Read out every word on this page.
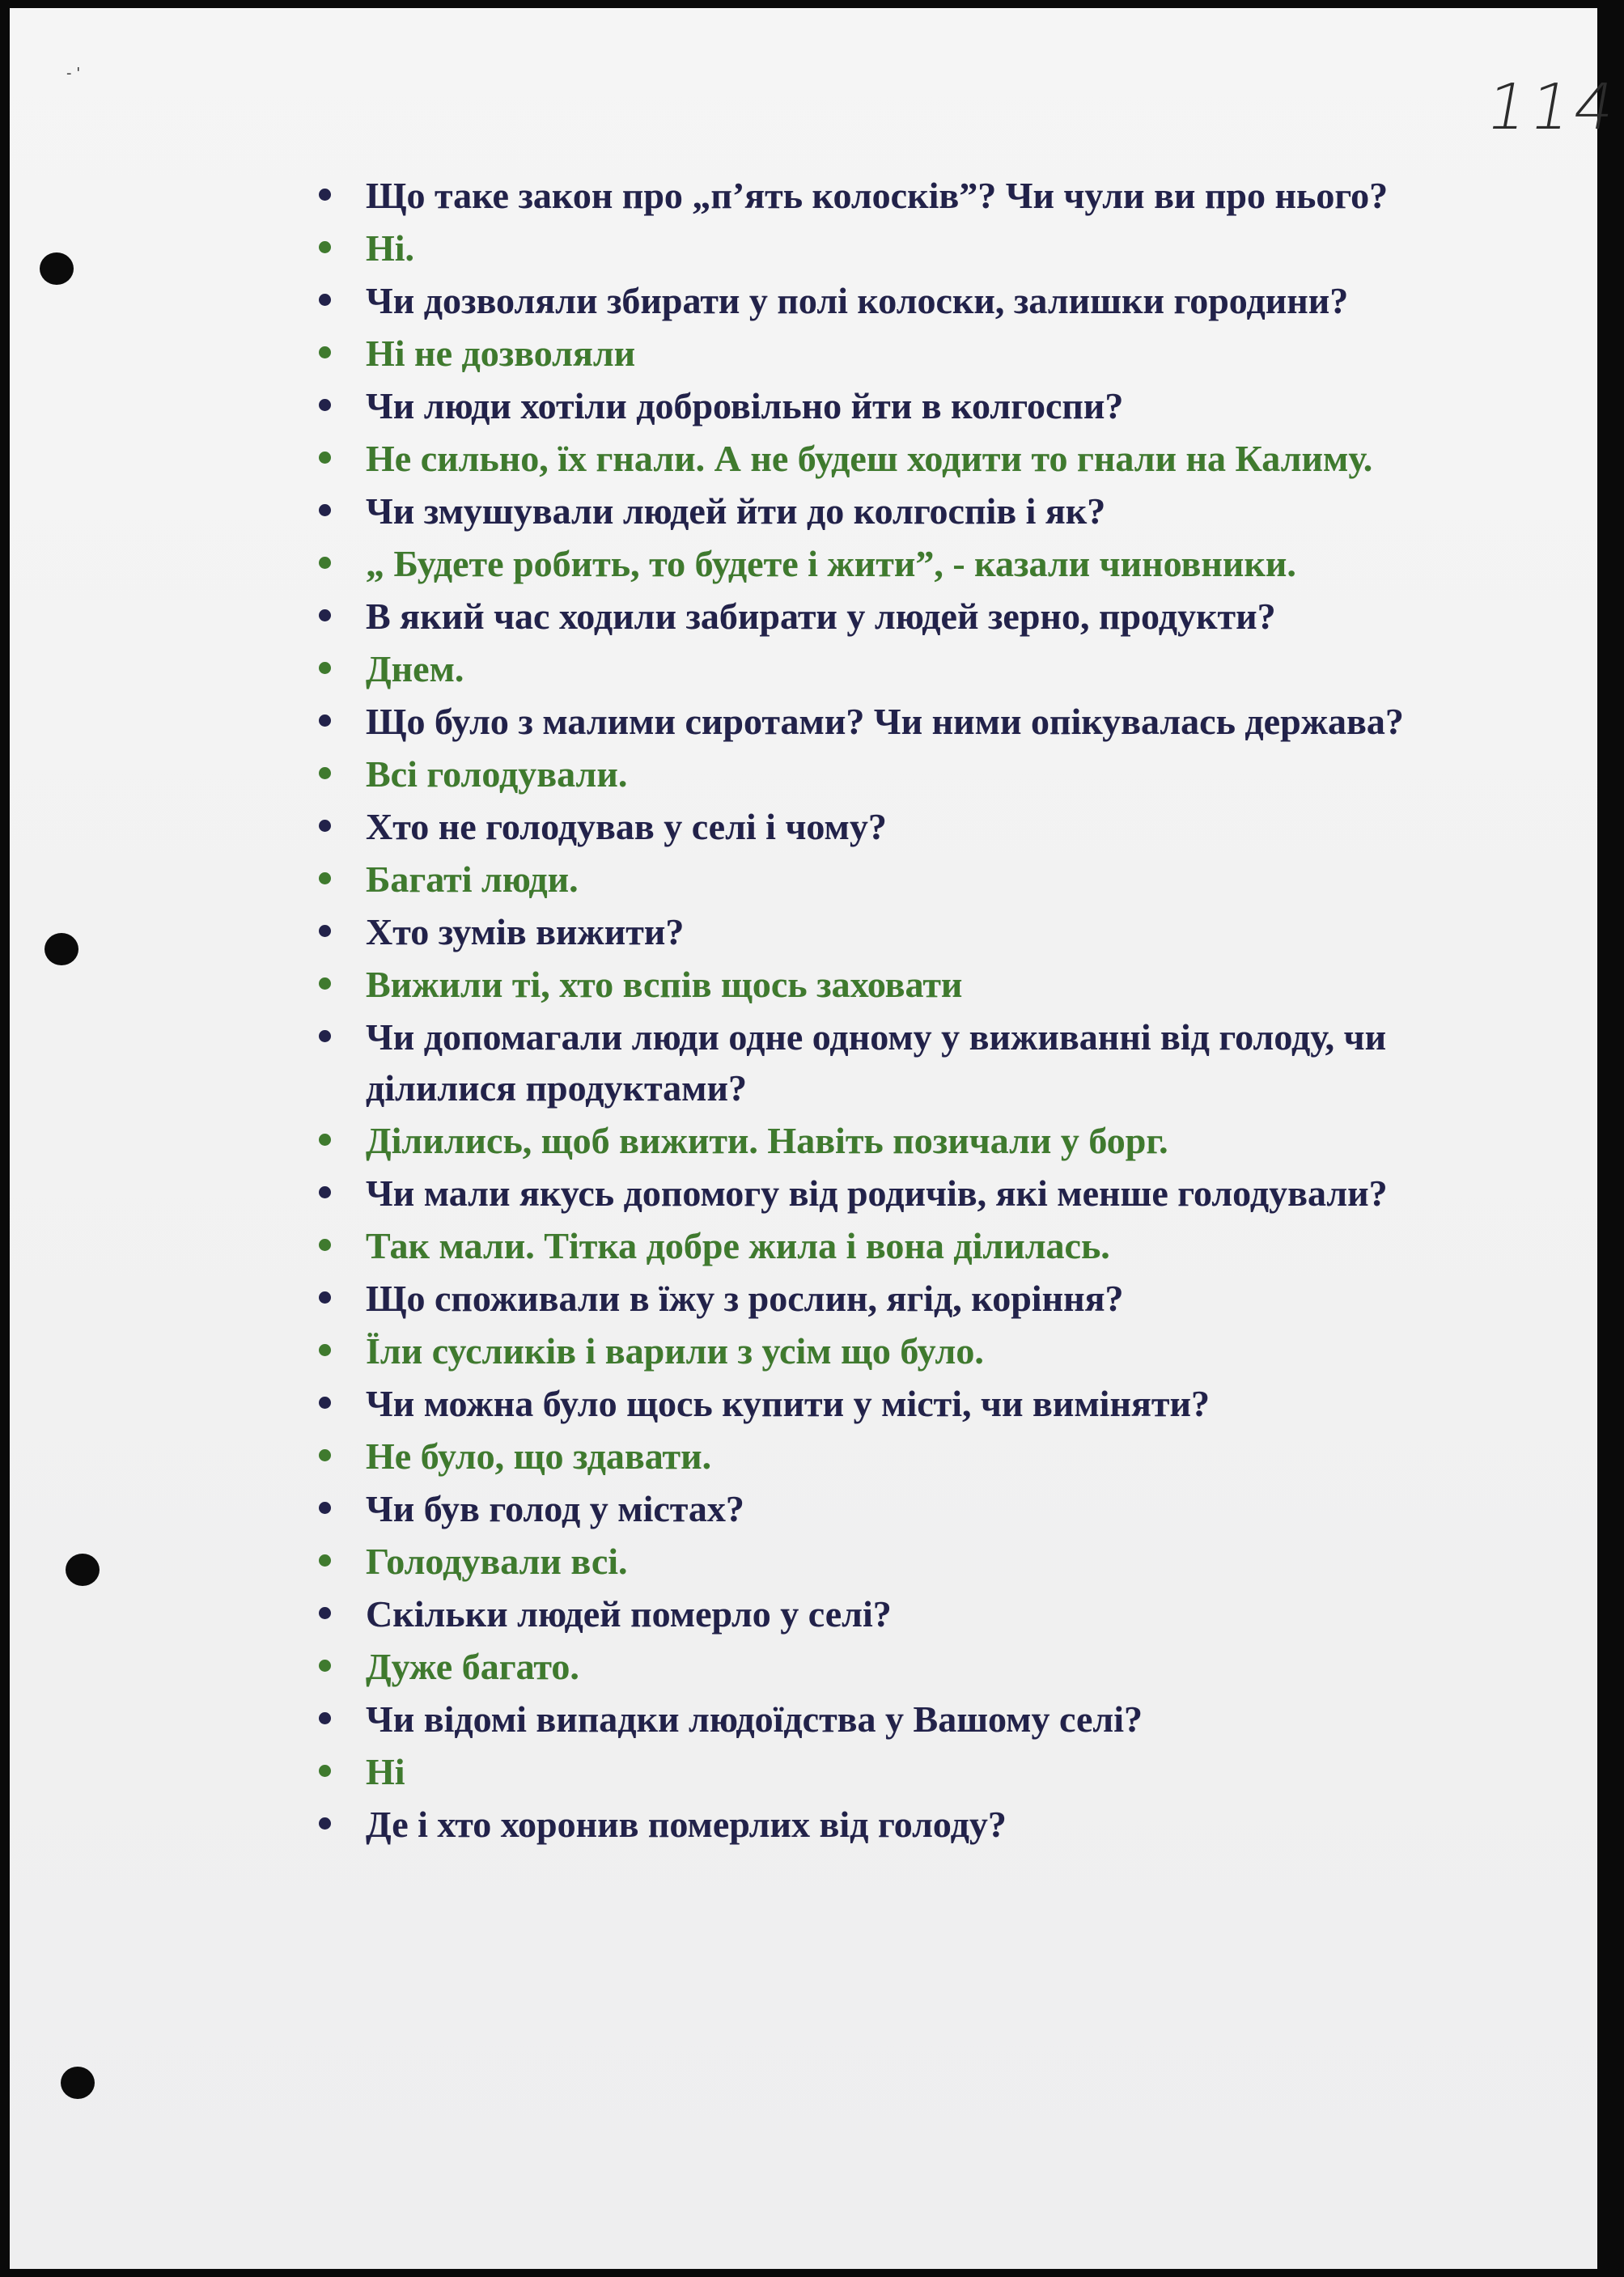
- '	114
Що таке закон про „п’ять колосків”? Чи чули ви про нього?
Ні.
Чи дозволяли збирати у полі колоски, залишки городини?
Ні не дозволяли
Чи люди хотіли добровільно йти в колгоспи?
Не сильно, їх гнали. А не будеш ходити то гнали на Калиму.
Чи змушували людей йти до колгоспів і як?
„ Будете робить, то будете і жити”, - казали чиновники.
В який час ходили забирати у людей зерно, продукти?
Днем.
Що було з малими сиротами? Чи ними опікувалась держава?
Всі голодували.
Хто не голодував у селі і чому?
Багаті люди.
Хто зумів вижити?
Вижили ті, хто вспів щось заховати
Чи допомагали люди одне одному у виживанні від голоду, чи ділилися продуктами?
Ділились, щоб вижити. Навіть позичали у борг.
Чи мали якусь допомогу від родичів, які менше голодували?
Так мали. Тітка добре жила і вона ділилась.
Що споживали в їжу з рослин, ягід, коріння?
Їли сусликів і варили з усім що було.
Чи можна було щось купити у місті, чи виміняти?
Не було, що здавати.
Чи був голод у містах?
Голодували всі.
Скільки людей померло у селі?
Дуже багато.
Чи відомі випадки людоїдства у Вашому селі?
Ні
Де і хто хоронив померлих від голоду?
